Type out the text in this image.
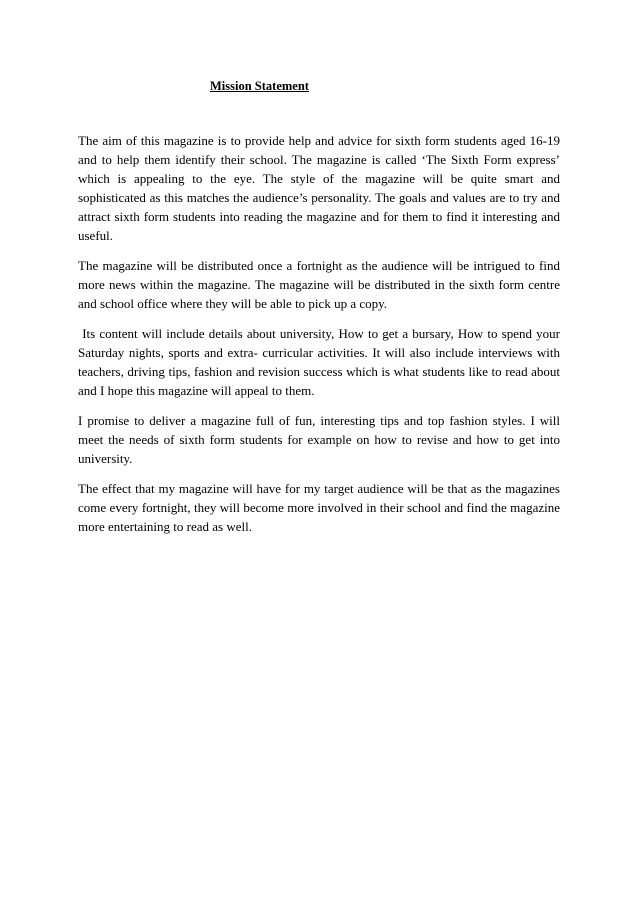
Mission Statement

The aim of this magazine is to provide help and advice for sixth form students aged 16-19 and to help them identify their school. The magazine is called ‘The Sixth Form express’ which is appealing to the eye. The style of the magazine will be quite smart and sophisticated as this matches the audience’s personality. The goals and values are to try and attract sixth form students into reading the magazine and for them to find it interesting and useful.

The magazine will be distributed once a fortnight as the audience will be intrigued to find more news within the magazine. The magazine will be distributed in the sixth form centre and school office where they will be able to pick up a copy.

Its content will include details about university, How to get a bursary, How to spend your Saturday nights, sports and extra- curricular activities. It will also include interviews with teachers, driving tips, fashion and revision success which is what students like to read about and I hope this magazine will appeal to them.

I promise to deliver a magazine full of fun, interesting tips and top fashion styles. I will meet the needs of sixth form students for example on how to revise and how to get into university.

The effect that my magazine will have for my target audience will be that as the magazines come every fortnight, they will become more involved in their school and find the magazine more entertaining to read as well.
